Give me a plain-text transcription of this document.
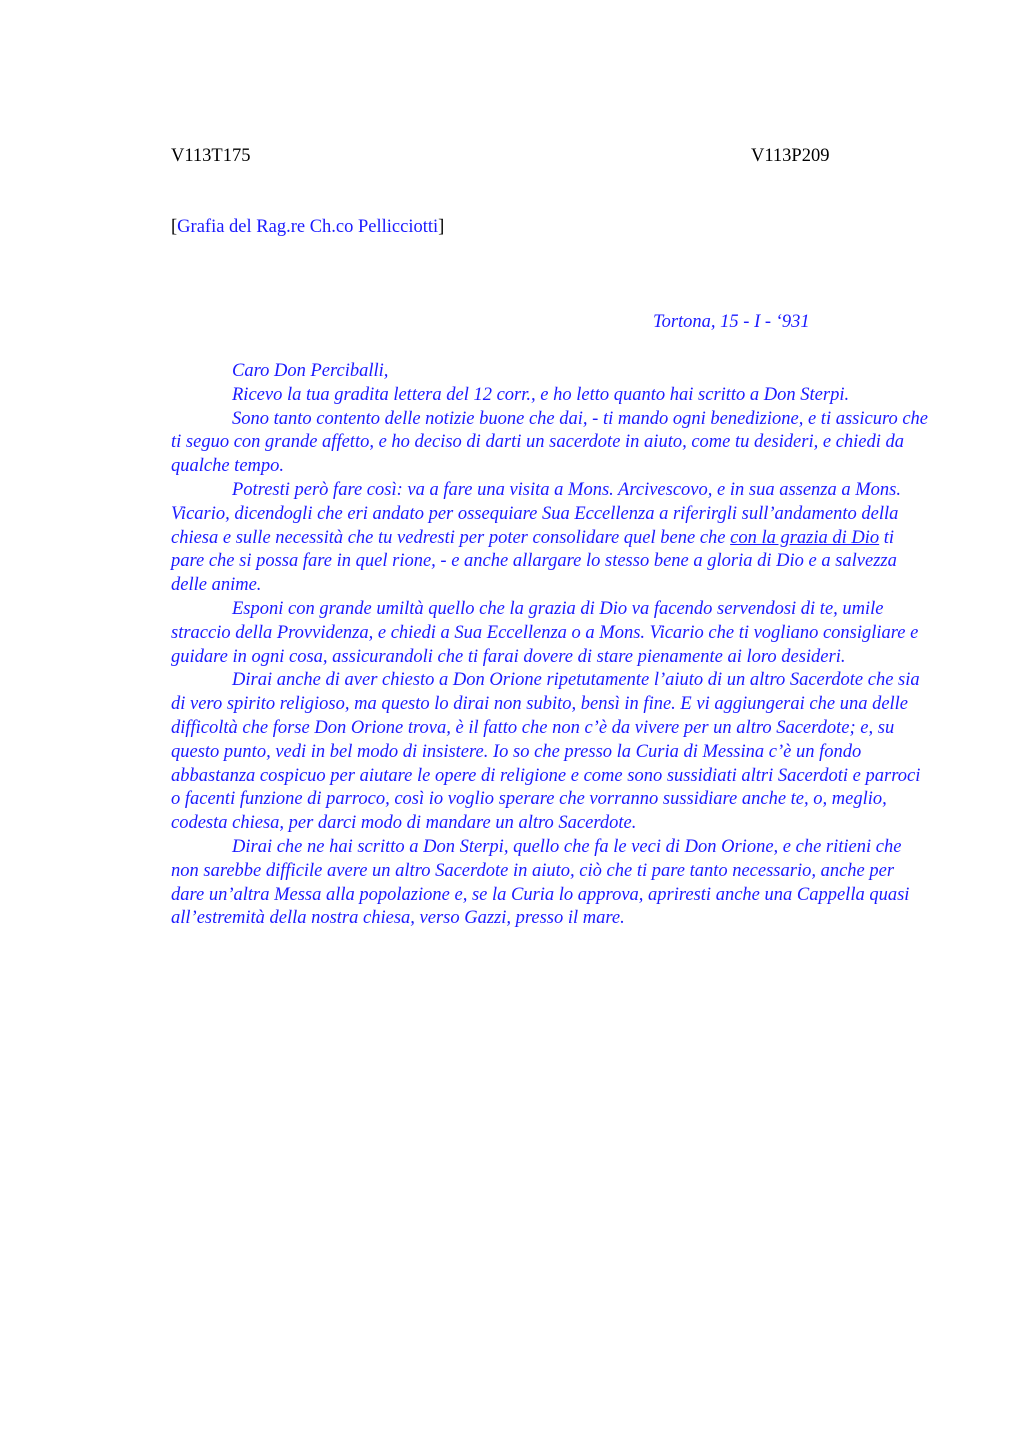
V113T175	V113P209
[Grafia del Rag.re Ch.co Pellicciotti]
Tortona, 15 - I - ‘931

Caro Don Perciballi,

Ricevo la tua gradita lettera del 12 corr., e ho letto quanto hai scritto a Don Sterpi.

Sono tanto contento delle notizie buone che dai, - ti mando ogni benedizione, e ti assicuro che ti seguo con grande affetto, e ho deciso di darti un sacerdote in aiuto, come tu desideri, e chiedi da qualche tempo.

Potresti però fare così: va a fare una visita a Mons. Arcivescovo, e in sua assenza a Mons. Vicario, dicendogli che eri andato per ossequiare Sua Eccellenza a riferirgli sull’andamento della chiesa e sulle necessità che tu vedresti per poter consolidare quel bene che con la grazia di Dio ti pare che si possa fare in quel rione, - e anche allargare lo stesso bene a gloria di Dio e a salvezza delle anime.

Esponi con grande umiltà quello che la grazia di Dio va facendo servendosi di te, umile straccio della Provvidenza, e chiedi a Sua Eccellenza o a Mons. Vicario che ti vogliano consigliare e guidare in ogni cosa, assicurandoli che ti farai dovere di stare pienamente ai loro desideri.

Dirai anche di aver chiesto a Don Orione ripetutamente l’aiuto di un altro Sacerdote che sia di vero spirito religioso, ma questo lo dirai non subito, bensì in fine. E vi aggiungerai che una delle difficoltà che forse Don Orione trova, è il fatto che non c’è da vivere per un altro Sacerdote; e, su questo punto, vedi in bel modo di insistere. Io so che presso la Curia di Messina c’è un fondo abbastanza cospicuo per aiutare le opere di religione e come sono sussidiati altri Sacerdoti e parroci o facenti funzione di parroco, così io voglio sperare che vorranno sussidiare anche te, o, meglio, codesta chiesa, per darci modo di mandare un altro Sacerdote.

Dirai che ne hai scritto a Don Sterpi, quello che fa le veci di Don Orione, e che ritieni che non sarebbe difficile avere un altro Sacerdote in aiuto, ciò che ti pare tanto necessario, anche per dare un’altra Messa alla popolazione e, se la Curia lo approva, apriresti anche una Cappella quasi all’estremità della nostra chiesa, verso Gazzi, presso il mare.
